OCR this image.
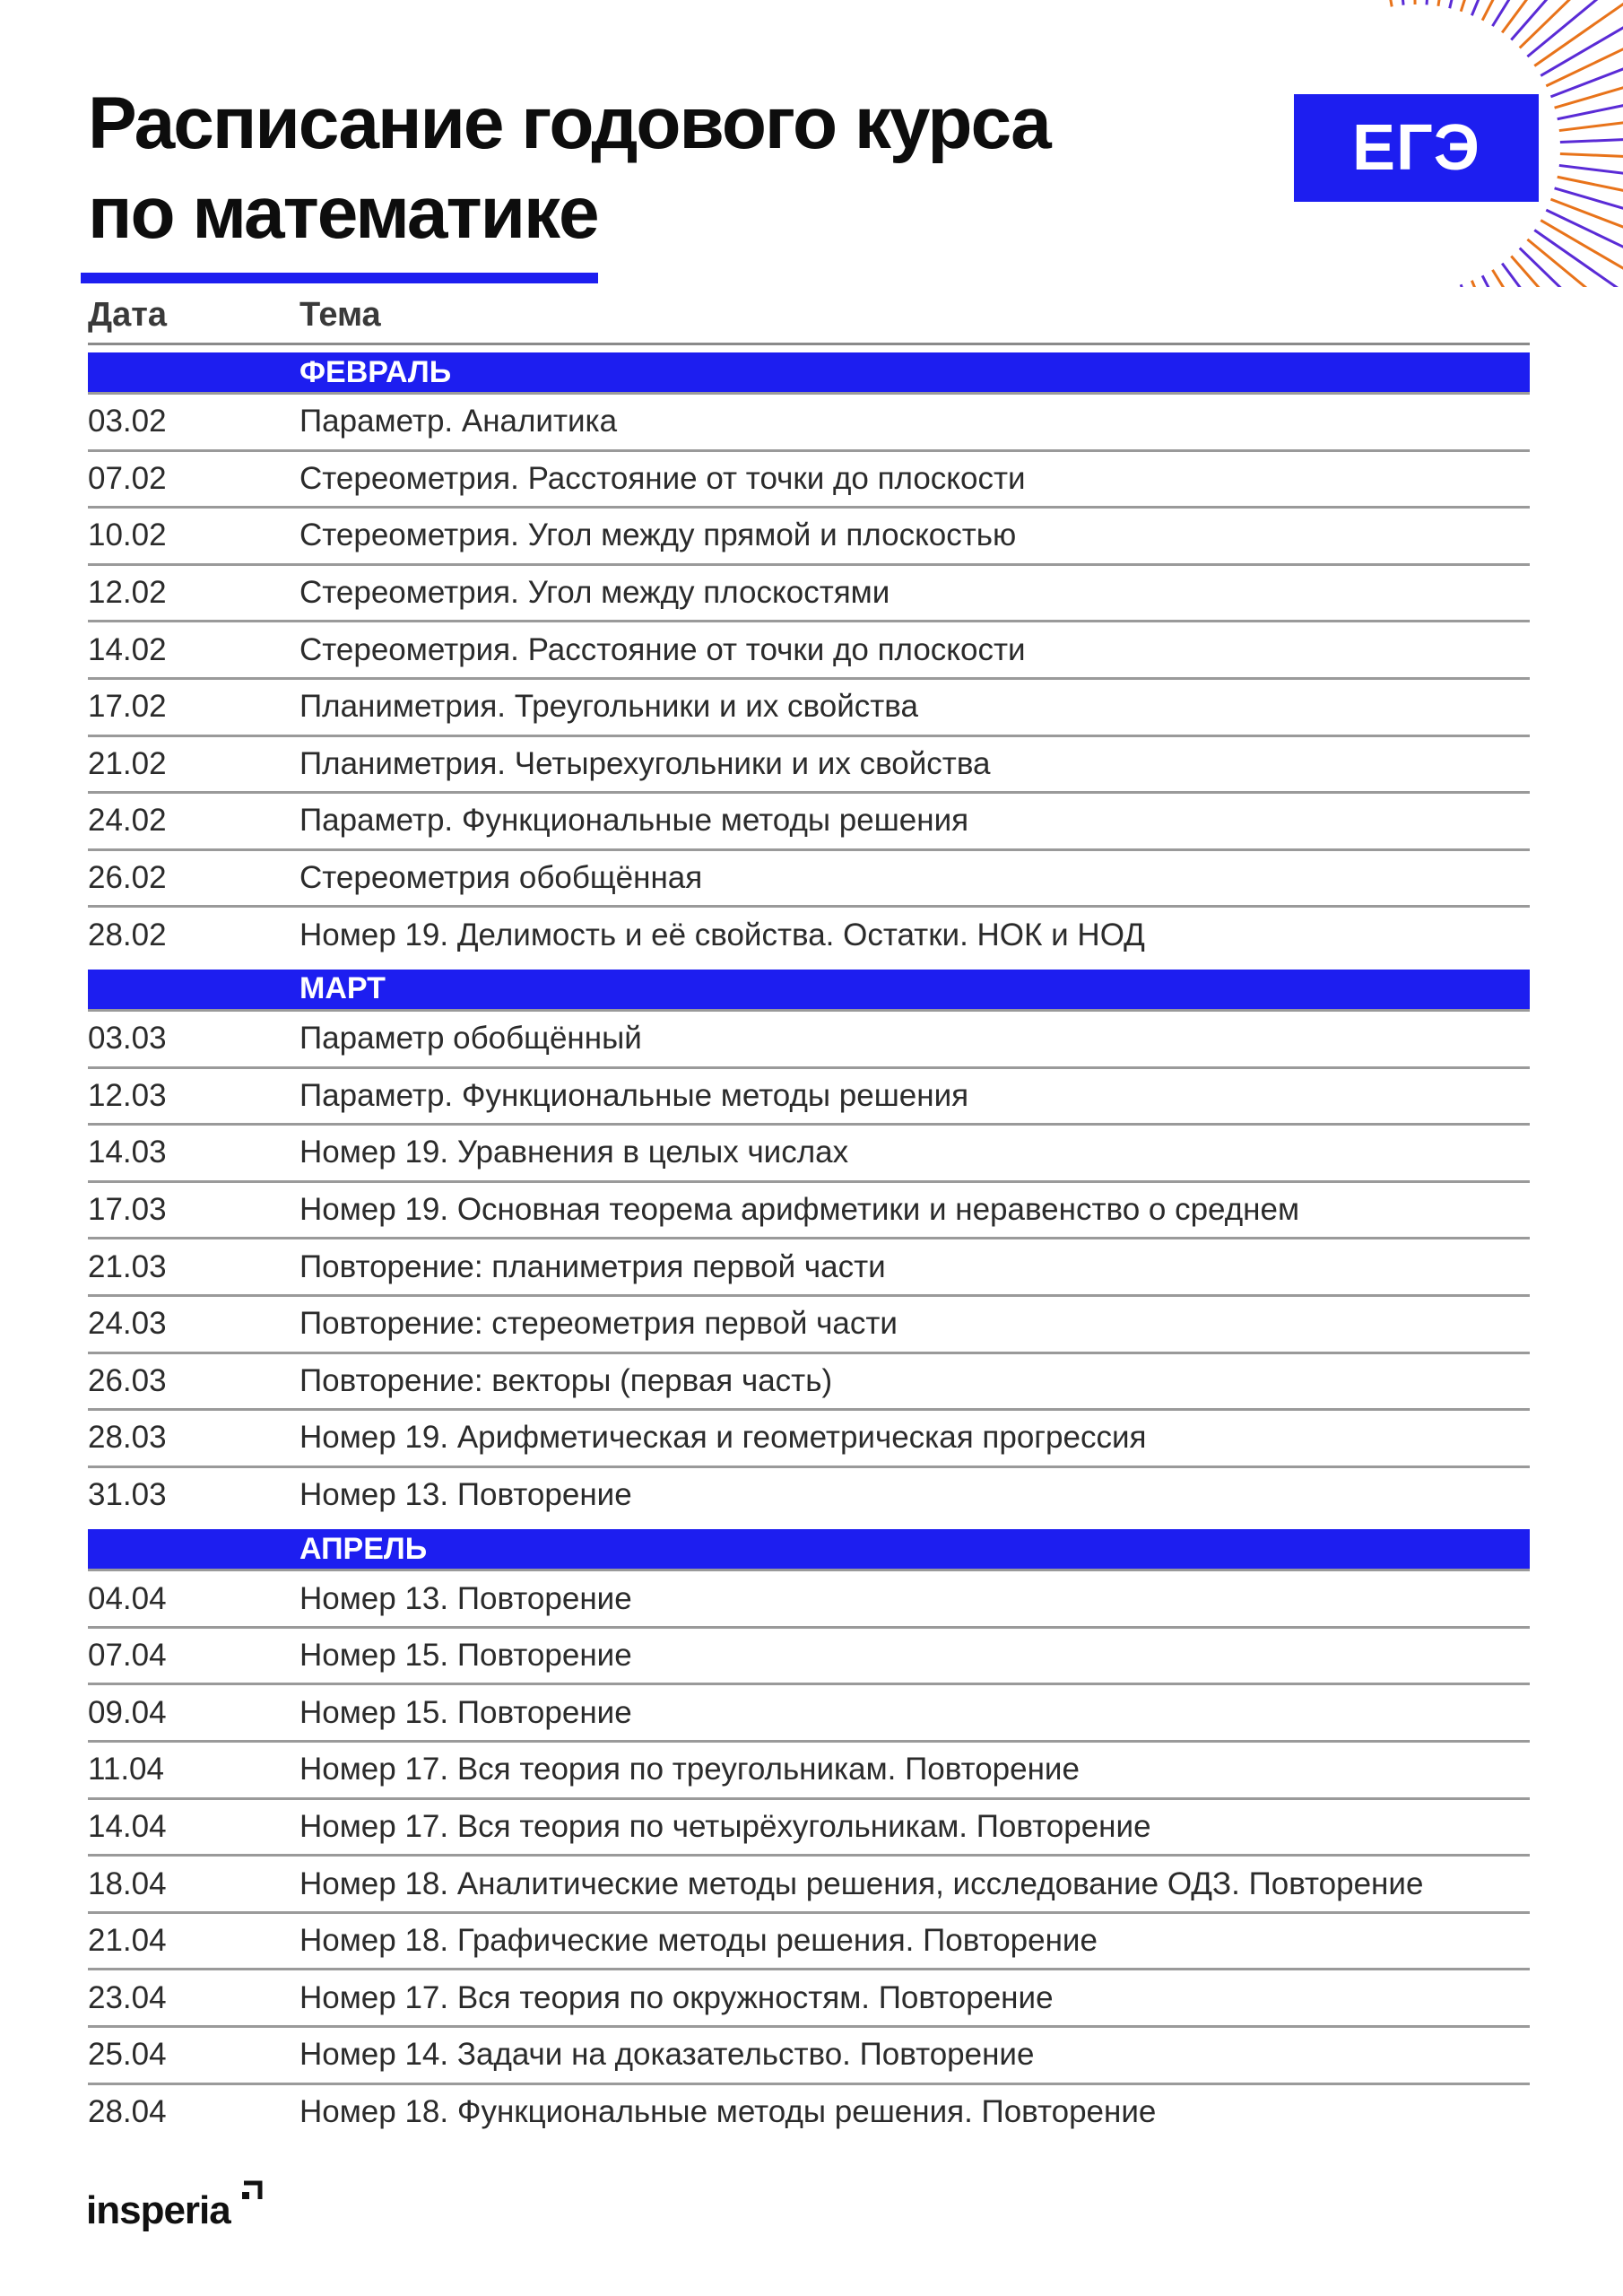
Расписание годового курса

по математике
ЕГЭ
Дата	Тема
ФЕВРАЛЬ
03.02	Параметр. Аналитика
07.02	Стереометрия. Расстояние от точки до плоскости
10.02	Стереометрия. Угол между прямой и плоскостью
12.02	Стереометрия. Угол между плоскостями
14.02	Стереометрия. Расстояние от точки до плоскости
17.02	Планиметрия. Треугольники и их свойства
21.02	Планиметрия. Четырехугольники и их свойства
24.02	Параметр. Функциональные методы решения
26.02	Стереометрия обобщённая
28.02	Номер 19. Делимость и её свойства. Остатки. НОК и НОД
МАРТ
03.03	Параметр обобщённый
12.03	Параметр. Функциональные методы решения
14.03	Номер 19. Уравнения в целых числах
17.03	Номер 19. Основная теорема арифметики и неравенство о среднем
21.03	Повторение: планиметрия первой части
24.03	Повторение: стереометрия первой части
26.03	Повторение: векторы (первая часть)
28.03	Номер 19. Арифметическая и геометрическая прогрессия
31.03	Номер 13. Повторение
АПРЕЛЬ
04.04	Номер 13. Повторение
07.04	Номер 15. Повторение
09.04	Номер 15. Повторение
11.04	Номер 17. Вся теория по треугольникам. Повторение
14.04	Номер 17. Вся теория по четырёхугольникам. Повторение
18.04	Номер 18. Аналитические методы решения, исследование ОДЗ. Повторение
21.04	Номер 18. Графические методы решения. Повторение
23.04	Номер 17. Вся теория по окружностям. Повторение
25.04	Номер 14. Задачи на доказательство. Повторение
28.04	Номер 18. Функциональные методы решения. Повторение
insperia
